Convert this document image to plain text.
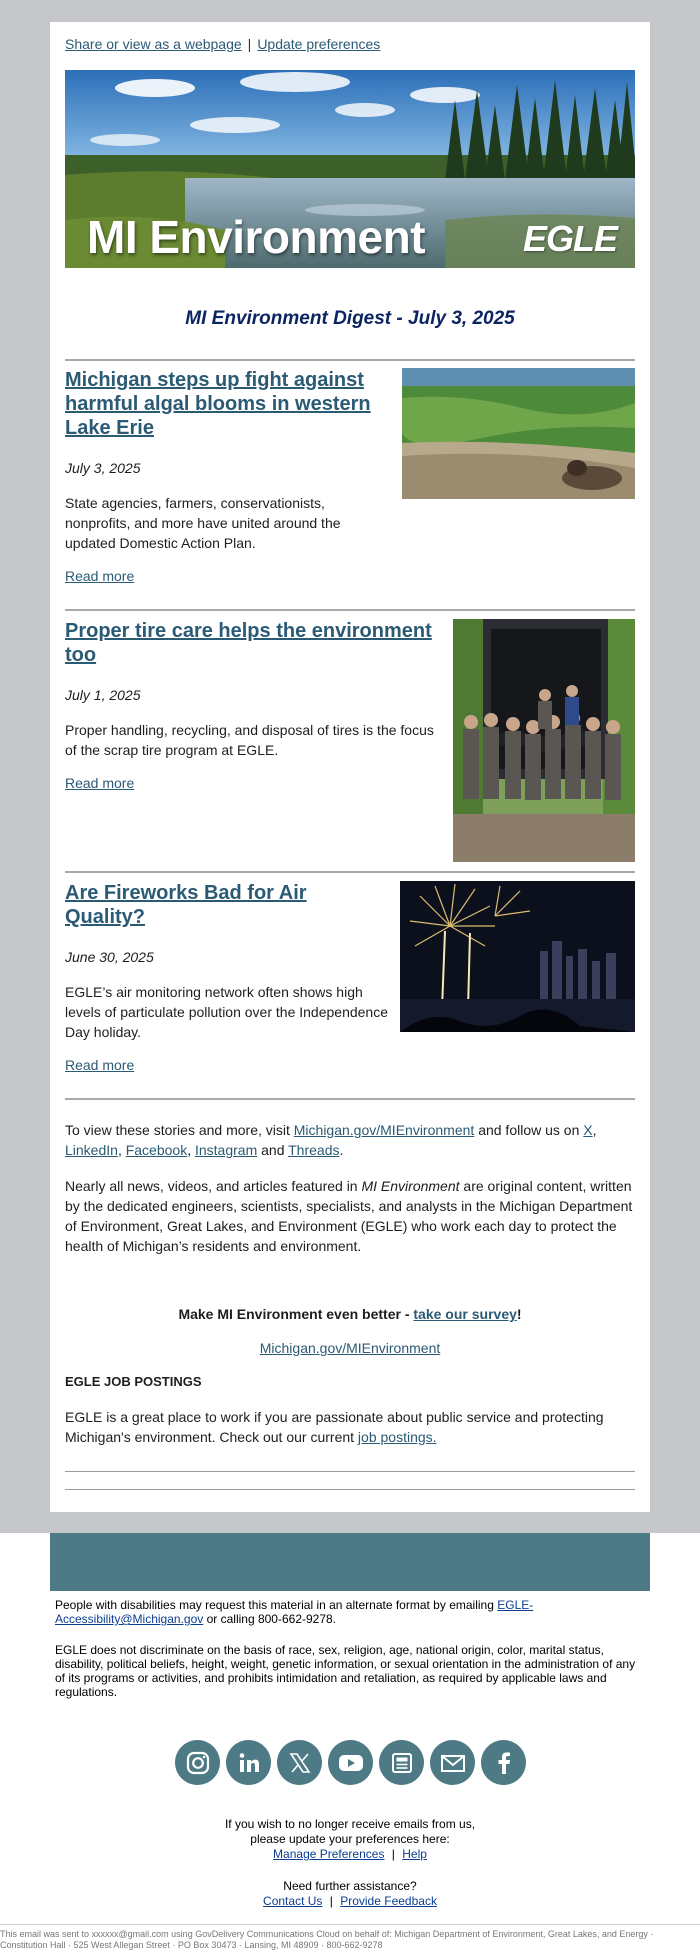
Share or view as a webpage | Update preferences
MI Environment	EGLE
MI Environment Digest - July 3, 2025
Michigan steps up fight against harmful algal blooms in western Lake Erie
July 3, 2025
State agencies, farmers, conservationists, nonprofits, and more have united around the updated Domestic Action Plan.
Read more
Proper tire care helps the environment too
July 1, 2025
Proper handling, recycling, and disposal of tires is the focus of the scrap tire program at EGLE.
Read more
Are Fireworks Bad for Air Quality?
June 30, 2025
EGLE’s air monitoring network often shows high levels of particulate pollution over the Independence Day holiday.
Read more
To view these stories and more, visit Michigan.gov/MIEnvironment and follow us on X, LinkedIn, Facebook, Instagram and Threads.
Nearly all news, videos, and articles featured in MI Environment are original content, written by the dedicated engineers, scientists, specialists, and analysts in the Michigan Department of Environment, Great Lakes, and Environment (EGLE) who work each day to protect the health of Michigan’s residents and environment.
Make MI Environment even better - take our survey!
Michigan.gov/MIEnvironment
EGLE JOB POSTINGS
EGLE is a great place to work if you are passionate about public service and protecting Michigan's environment. Check out our current job postings.
People with disabilities may request this material in an alternate format by emailing EGLE-Accessibility@Michigan.gov or calling 800-662-9278.
EGLE does not discriminate on the basis of race, sex, religion, age, national origin, color, marital status, disability, political beliefs, height, weight, genetic information, or sexual orientation in the administration of any of its programs or activities, and prohibits intimidation and retaliation, as required by applicable laws and regulations.
If you wish to no longer receive emails from us,
please update your preferences here:
Manage Preferences | Help
Need further assistance?
Contact Us | Provide Feedback
This email was sent to xxxxxx@gmail.com using GovDelivery Communications Cloud on behalf of: Michigan Department of Environment, Great Lakes, and Energy · Constitution Hall · 525 West Allegan Street · PO Box 30473 · Lansing, MI 48909 · 800-662-9278
